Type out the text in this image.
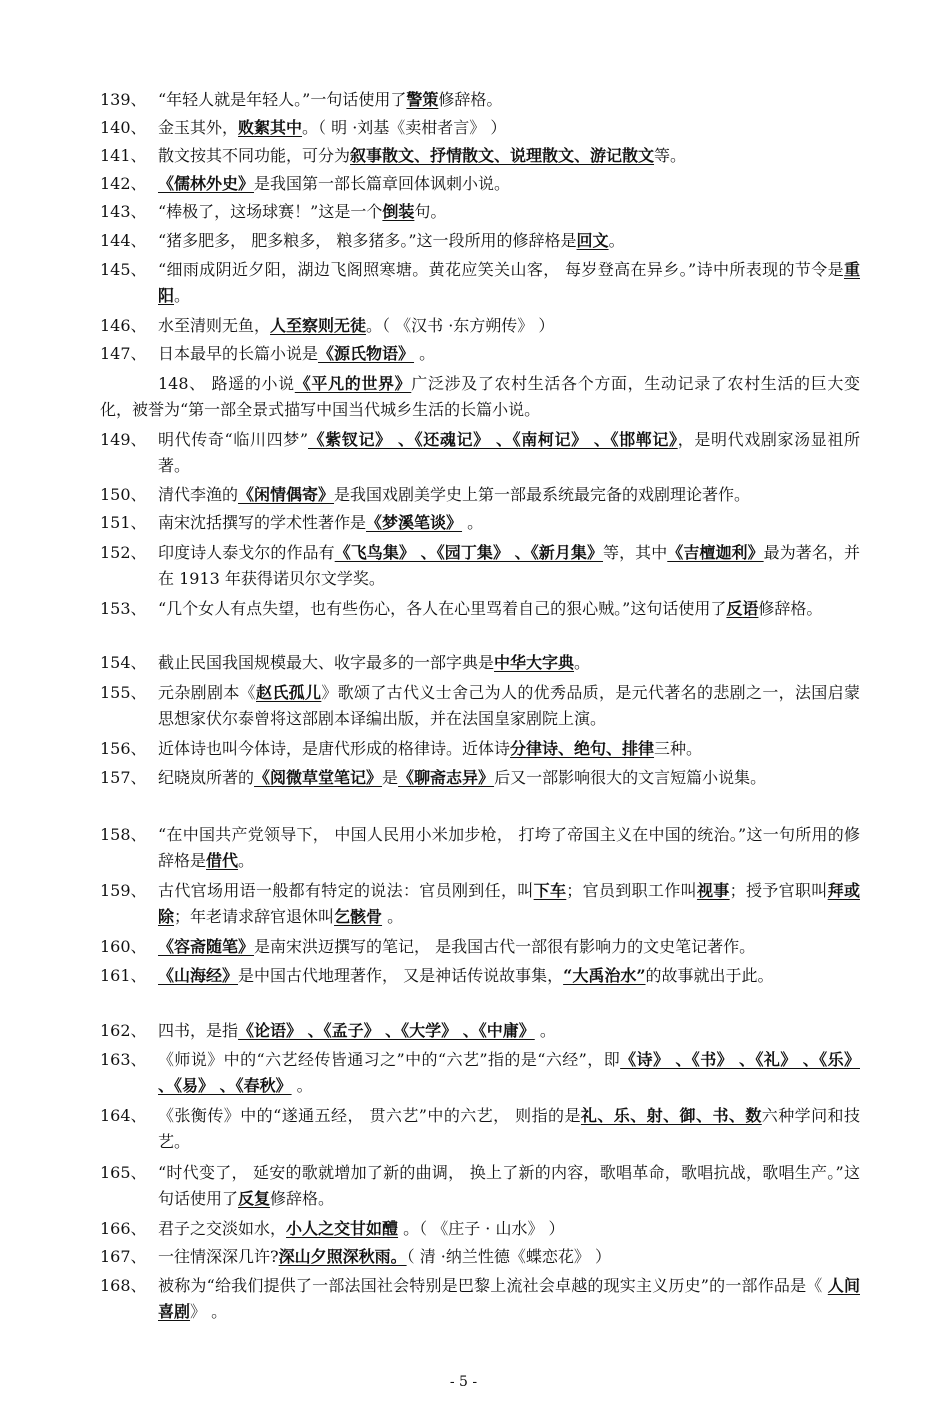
139、 “年轻人就是年轻人。”一句话使用了警策修辞格。
140、 金玉其外，败絮其中。（ 明 ·刘基《卖柑者言》 ）
141、 散文按其不同功能，可分为叙事散文、抒情散文、说理散文、游记散文等。
142、 《儒林外史》是我国第一部长篇章回体讽刺小说。
143、 “棒极了，这场球赛！”这是一个倒装句。
144、 “猪多肥多， 肥多粮多， 粮多猪多。”这一段所用的修辞格是回文。
145、 “细雨成阴近夕阳，湖边飞阁照寒塘。黄花应笑关山客， 每岁登高在异乡。”诗中所表现的节令是重阳。
146、 水至清则无鱼，人至察则无徒。（ 《汉书 ·东方朔传》 ）
147、 日本最早的长篇小说是《源氏物语》 。
148、 路遥的小说《平凡的世界》广泛涉及了农村生活各个方面，生动记录了农村生活的巨大变化，被誉为“第一部全景式描写中国当代城乡生活的长篇小说。
149、 明代传奇“临川四梦”《紫钗记》 、《还魂记》 、《南柯记》 、《邯郸记》，是明代戏剧家汤显祖所著。
150、 清代李渔的《闲情偶寄》是我国戏剧美学史上第一部最系统最完备的戏剧理论著作。
151、 南宋沈括撰写的学术性著作是《梦溪笔谈》 。
152、 印度诗人泰戈尔的作品有《飞鸟集》 、《园丁集》 、《新月集》等，其中《吉檀迦利》最为著名，并在 1913 年获得诺贝尔文学奖。
153、 “几个女人有点失望，也有些伤心，各人在心里骂着自己的狠心贼。”这句话使用了反语修辞格。
154、 截止民国我国规模最大、收字最多的一部字典是中华大字典。
155、 元杂剧剧本《赵氏孤儿》歌颂了古代义士舍己为人的优秀品质，是元代著名的悲剧之一，法国启蒙思想家伏尔泰曾将这部剧本译编出版，并在法国皇家剧院上演。
156、 近体诗也叫今体诗，是唐代形成的格律诗。近体诗分律诗、绝句、排律三种。
157、 纪晓岚所著的《阅微草堂笔记》是《聊斋志异》后又一部影响很大的文言短篇小说集。
158、 “在中国共产党领导下， 中国人民用小米加步枪， 打垮了帝国主义在中国的统治。”这一句所用的修辞格是借代。
159、 古代官场用语一般都有特定的说法：官员刚到任，叫下车；官员到职工作叫视事；授予官职叫拜或除；年老请求辞官退休叫乞骸骨 。
160、 《容斋随笔》是南宋洪迈撰写的笔记， 是我国古代一部很有影响力的文史笔记著作。
161、 《山海经》是中国古代地理著作， 又是神话传说故事集，“大禹治水”的故事就出于此。
162、 四书，是指《论语》 、《孟子》 、《大学》 、《中庸》 。
163、 《师说》中的“六艺经传皆通习之”中的“六艺”指的是“六经”，即《诗》 、《书》 、《礼》 、《乐》 、《易》 、《春秋》 。
164、 《张衡传》中的“遂通五经， 贯六艺”中的六艺， 则指的是礼、乐、射、御、书、数六种学问和技艺。
165、 “时代变了， 延安的歌就增加了新的曲调， 换上了新的内容，歌唱革命，歌唱抗战，歌唱生产。”这句话使用了反复修辞格。
166、 君子之交淡如水，小人之交甘如醴 。（ 《庄子 · 山水》 ）
167、 一往情深深几许?深山夕照深秋雨。（ 清 ·纳兰性德《蝶恋花》 ）
168、 被称为“给我们提供了一部法国社会特别是巴黎上流社会卓越的现实主义历史”的一部作品是《 人间喜剧》 。
- 5 -
